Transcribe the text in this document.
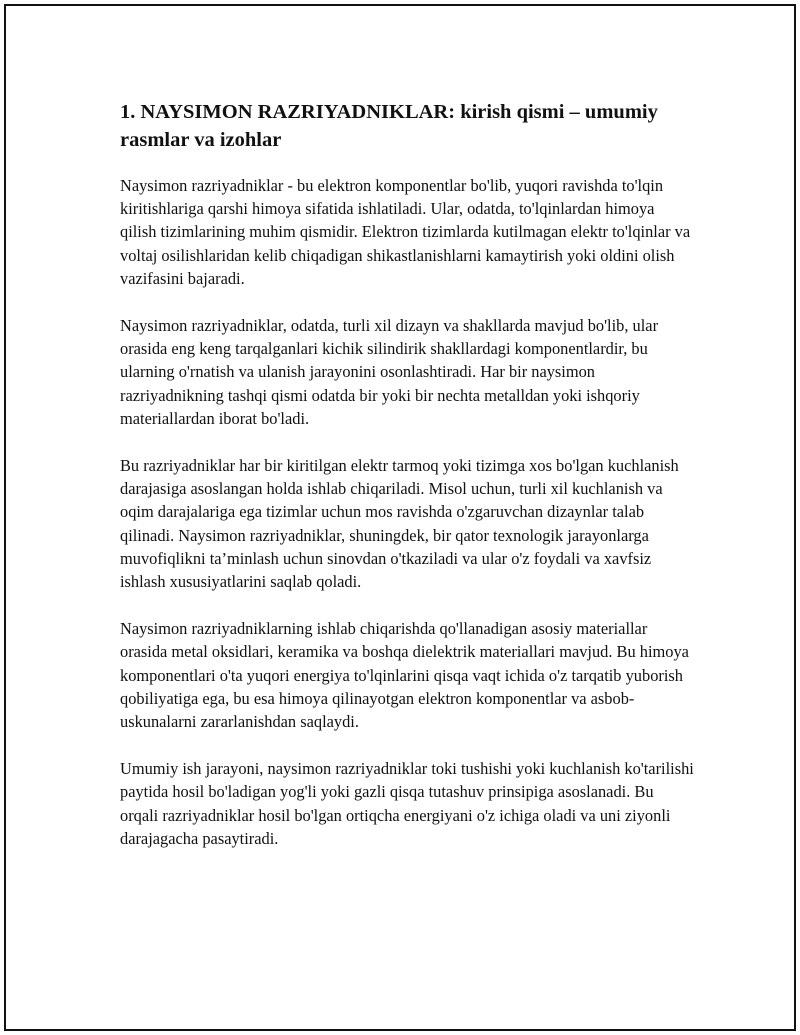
1. NAYSIMON RAZRIYADNIKLAR: kirish qismi – umumiy rasmlar va izohlar

Naysimon razriyadniklar - bu elektron komponentlar bo'lib, yuqori ravishda to'lqin kiritishlariga qarshi himoya sifatida ishlatiladi. Ular, odatda, to'lqinlardan himoya qilish tizimlarining muhim qismidir. Elektron tizimlarda kutilmagan elektr to'lqinlar va voltaj osilishlaridan kelib chiqadigan shikastlanishlarni kamaytirish yoki oldini olish vazifasini bajaradi.

Naysimon razriyadniklar, odatda, turli xil dizayn va shakllarda mavjud bo'lib, ular orasida eng keng tarqalganlari kichik silindirik shakllardagi komponentlardir, bu ularning o'rnatish va ulanish jarayonini osonlashtiradi. Har bir naysimon razriyadnikning tashqi qismi odatda bir yoki bir nechta metalldan yoki ishqoriy materiallardan iborat bo'ladi.

Bu razriyadniklar har bir kiritilgan elektr tarmoq yoki tizimga xos bo'lgan kuchlanish darajasiga asoslangan holda ishlab chiqariladi. Misol uchun, turli xil kuchlanish va oqim darajalariga ega tizimlar uchun mos ravishda o'zgaruvchan dizaynlar talab qilinadi. Naysimon razriyadniklar, shuningdek, bir qator texnologik jarayonlarga muvofiqlikni ta’minlash uchun sinovdan o'tkaziladi va ular o'z foydali va xavfsiz ishlash xususiyatlarini saqlab qoladi.

Naysimon razriyadniklarning ishlab chiqarishda qo'llanadigan asosiy materiallar orasida metal oksidlari, keramika va boshqa dielektrik materiallari mavjud. Bu himoya komponentlari o'ta yuqori energiya to'lqinlarini qisqa vaqt ichida o'z tarqatib yuborish qobiliyatiga ega, bu esa himoya qilinayotgan elektron komponentlar va asbob-uskunalarni zararlanishdan saqlaydi.

Umumiy ish jarayoni, naysimon razriyadniklar toki tushishi yoki kuchlanish ko'tarilishi paytida hosil bo'ladigan yog'li yoki gazli qisqa tutashuv prinsipiga asoslanadi. Bu orqali razriyadniklar hosil bo'lgan ortiqcha energiyani o'z ichiga oladi va uni ziyonli darajagacha pasaytiradi.
